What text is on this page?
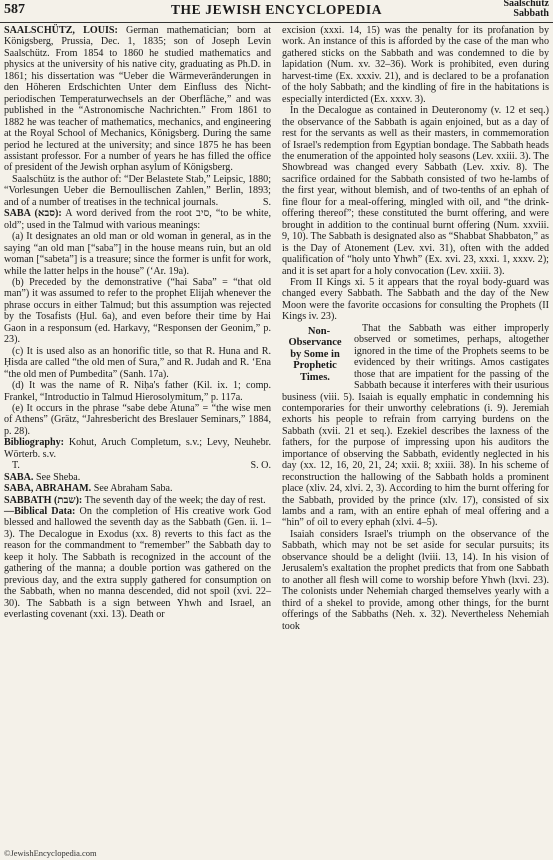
587	THE JEWISH ENCYCLOPEDIA	Saalschütz
Sabbath

SAALSCHÜTZ, LOUIS: German mathematician; born at Königsberg, Prussia, Dec. 1, 1835; son of Joseph Levin Saalschütz. From 1854 to 1860 he studied mathematics and physics at the university of his native city, graduating as Ph.D. in 1861; his dissertation was “Ueber die Wärmeveränderungen in den Höheren Erdschichten Unter dem Einfluss des Nicht-periodischen Temperaturwechsels an der Oberfläche,” and was published in the “Astronomische Nachrichten.” From 1861 to 1882 he was teacher of mathematics, mechanics, and engineering at the Royal School of Mechanics, Königsberg. During the same period he lectured at the university; and since 1875 he has been assistant professor. For a number of years he has filled the office of president of the Jewish orphan asylum of Königsberg.

Saalschütz is the author of: “Der Belastete Stab,” Leipsic, 1880; “Vorlesungen Ueber die Bernoullischen Zahlen,” Berlin, 1893; and of a number of treatises in the technical journals.	S.

SABA (סבא): A word derived from the root סיב, “to be white, old”; used in the Talmud with various meanings:

(a) It designates an old man or old woman in general, as in the saying “an old man [“saba”] in the house means ruin, but an old woman [“sabeta”] is a treasure; since the former is unfit for work, while the latter helps in the house” (‘Ar. 19a).

(b) Preceded by the demonstrative (“hai Saba” = “that old man”) it was assumed to refer to the prophet Elijah whenever the phrase occurs in either Talmud; but this assumption was rejected by the Tosafists (Ḥul. 6a), and even before their time by Hai Gaon in a responsum (ed. Harkavy, “Responsen der Geonim,” p. 23).

(c) It is used also as an honorific title, so that R. Huna and R. Ḥisda are called “the old men of Sura,” and R. Judah and R. ‘Ena “the old men of Pumbedita” (Sanh. 17a).

(d) It was the name of R. Niḥa's father (Kil. ix. 1; comp. Frankel, “Introductio in Talmud Hierosolymitum,” p. 117a.

(e) It occurs in the phrase “sabe debe Atuna” = “the wise men of Athens” (Grätz, “Jahresbericht des Breslauer Seminars,” 1884, p. 28).

Bibliography: Kohut, Aruch Completum, s.v.; Levy, Neuhebr. Wörterb. s.v.

T.	S. O.

SABA. See Sheba.

SABA, ABRAHAM. See Abraham Saba.

SABBATH (שבת): The seventh day of the week; the day of rest.

—Biblical Data: On the completion of His creative work God blessed and hallowed the seventh day as the Sabbath (Gen. ii. 1–3). The Decalogue in Exodus (xx. 8) reverts to this fact as the reason for the commandment to “remember” the Sabbath day to keep it holy. The Sabbath is recognized in the account of the gathering of the manna; a double portion was gathered on the previous day, and the extra supply gathered for consumption on the Sabbath, when no manna descended, did not spoil (xvi. 22–30). The Sabbath is a sign between Yhwh and Israel, an everlasting covenant (xxi. 13). Death or

excision (xxxi. 14, 15) was the penalty for its profanation by work. An instance of this is afforded by the case of the man who gathered sticks on the Sabbath and was condemned to die by lapidation (Num. xv. 32–36). Work is prohibited, even during harvest-time (Ex. xxxiv. 21), and is declared to be a profanation of the holy Sabbath; and the kindling of fire in the habitations is especially interdicted (Ex. xxxv. 3).

In the Decalogue as contained in Deuteronomy (v. 12 et seq.) the observance of the Sabbath is again enjoined, but as a day of rest for the servants as well as their masters, in commemoration of Israel's redemption from Egyptian bondage. The Sabbath heads the enumeration of the appointed holy seasons (Lev. xxiii. 3). The Showbread was changed every Sabbath (Lev. xxiv. 8). The sacrifice ordained for the Sabbath consisted of two he-lambs of the first year, without blemish, and of two-tenths of an ephah of fine flour for a meal-offering, mingled with oil, and “the drink-offering thereof”; these constituted the burnt offering, and were brought in addition to the continual burnt offering (Num. xxviii. 9, 10). The Sabbath is designated also as “Shabbat Shabbaton,” as is the Day of Atonement (Lev. xvi. 31), often with the added qualification of “holy unto Yhwh” (Ex. xvi. 23, xxxi. 1, xxxv. 2); and it is set apart for a holy convocation (Lev. xxiii. 3).

From II Kings xi. 5 it appears that the royal body-guard was changed every Sabbath. The Sabbath and the day of the New Moon were the favorite occasions for consulting the Prophets (II Kings iv. 23).

Non-Observance by Some in Prophetic Times.
That the Sabbath was either improperly observed or sometimes, perhaps, altogether ignored in the time of the Prophets seems to be evidenced by their writings. Amos castigates those that are impatient for the passing of the Sabbath because it interferes with their usurious business (viii. 5). Isaiah is equally emphatic in condemning his contemporaries for their unworthy celebrations (i. 9). Jeremiah exhorts his people to refrain from carrying burdens on the Sabbath (xvii. 21 et seq.). Ezekiel describes the laxness of the fathers, for the purpose of impressing upon his auditors the importance of observing the Sabbath, evidently neglected in his day (xx. 12, 16, 20, 21, 24; xxii. 8; xxiii. 38). In his scheme of reconstruction the hallowing of the Sabbath holds a prominent place (xliv. 24, xlvi. 2, 3). According to him the burnt offering for the Sabbath, provided by the prince (xlv. 17), consisted of six lambs and a ram, with an entire ephah of meal offering and a “hin” of oil to every ephah (xlvi. 4–5).

Isaiah considers Israel's triumph on the observance of the Sabbath, which may not be set aside for secular pursuits; its observance should be a delight (lviii. 13, 14). In his vision of Jerusalem's exaltation the prophet predicts that from one Sabbath to another all flesh will come to worship before Yhwh (lxvi. 23). The colonists under Nehemiah charged themselves yearly with a third of a shekel to provide, among other things, for the burnt offerings of the Sabbaths (Neh. x. 32). Nevertheless Nehemiah took

©JewishEncyclopedia.com
